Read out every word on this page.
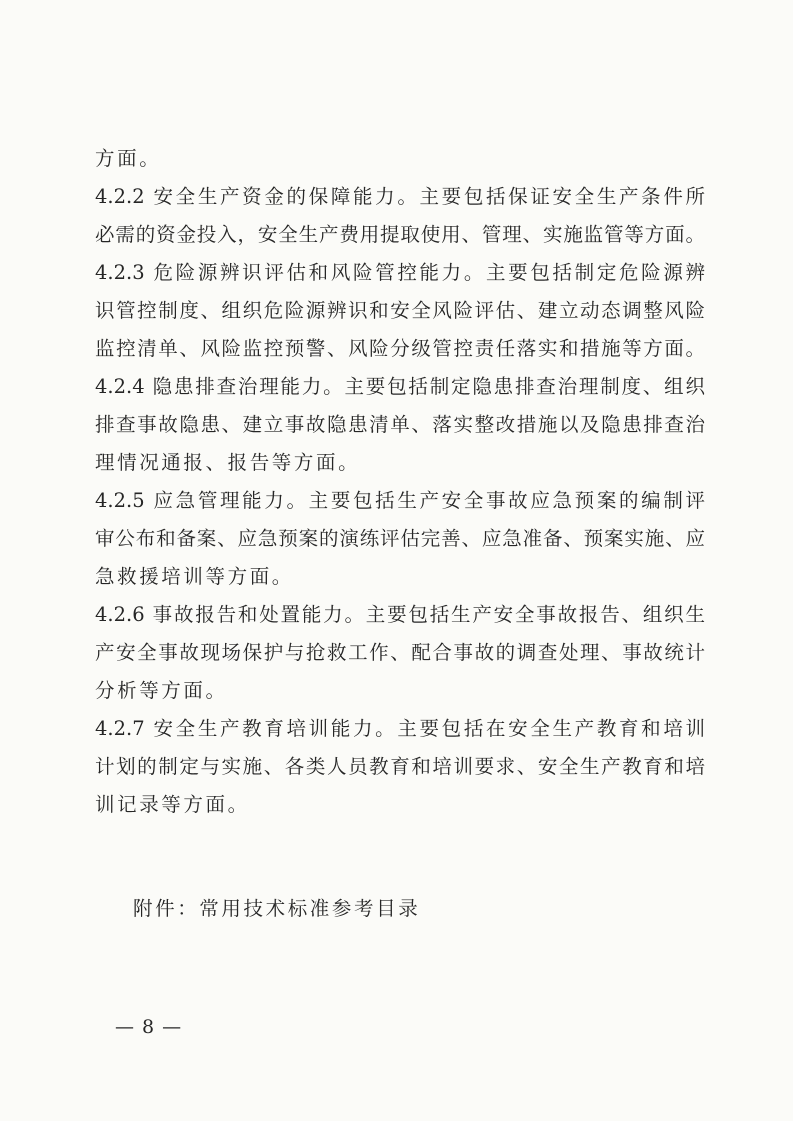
方面。
4.2.2 安全生产资金的保障能力。主要包括保证安全生产条件所
必需的资金投入，安全生产费用提取使用、管理、实施监管等方面。
4.2.3 危险源辨识评估和风险管控能力。主要包括制定危险源辨
识管控制度、组织危险源辨识和安全风险评估、建立动态调整风险
监控清单、风险监控预警、风险分级管控责任落实和措施等方面。
4.2.4 隐患排查治理能力。主要包括制定隐患排查治理制度、组织
排查事故隐患、建立事故隐患清单、落实整改措施以及隐患排查治
理情况通报、报告等方面。
4.2.5 应急管理能力。主要包括生产安全事故应急预案的编制评
审公布和备案、应急预案的演练评估完善、应急准备、预案实施、应
急救援培训等方面。
4.2.6 事故报告和处置能力。主要包括生产安全事故报告、组织生
产安全事故现场保护与抢救工作、配合事故的调查处理、事故统计
分析等方面。
4.2.7 安全生产教育培训能力。主要包括在安全生产教育和培训
计划的制定与实施、各类人员教育和培训要求、安全生产教育和培
训记录等方面。
附件：常用技术标准参考目录
— 8 —
